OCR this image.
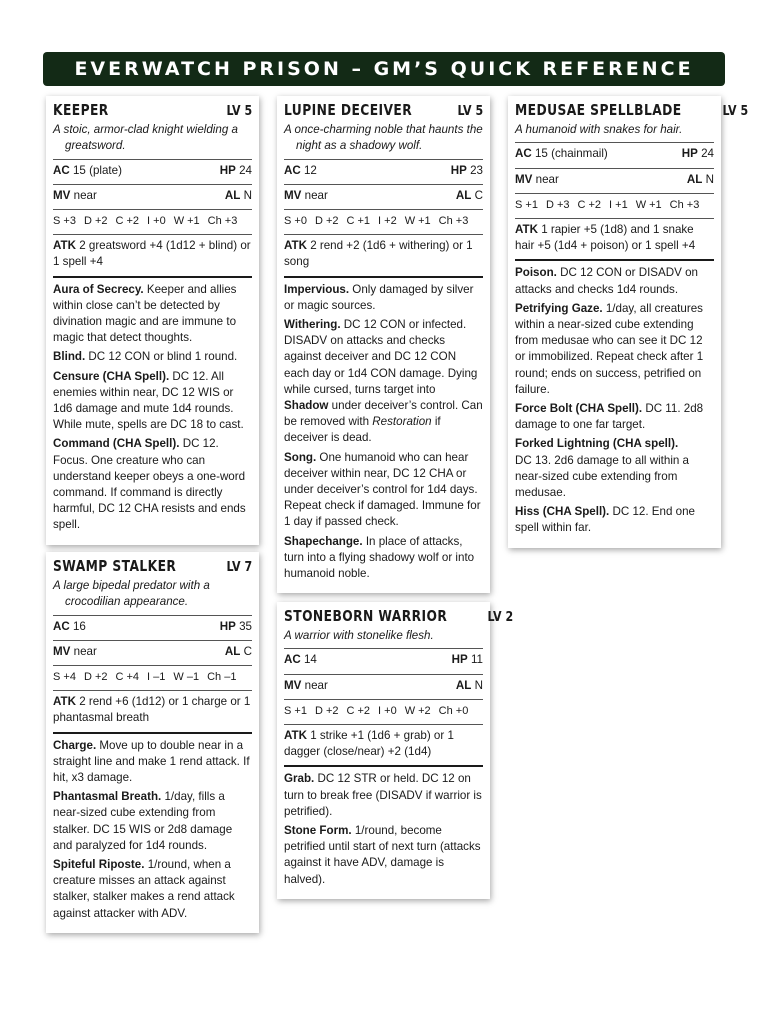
EVERWATCH PRISON – GM’S QUICK REFERENCE
KEEPER	LV 5
A stoic, armor-clad knight wielding a greatsword.
AC 15 (plate)	HP 24
MV near	AL N
S +3 D +2 C +2 I +0 W +1 Ch +3
ATK 2 greatsword +4 (1d12 + blind) or 1 spell +4
Aura of Secrecy. Keeper and allies within close can’t be detected by divination magic and are immune to magic that detect thoughts.
Blind. DC 12 CON or blind 1 round.
Censure (CHA Spell). DC 12. All enemies within near, DC 12 WIS or 1d6 damage and mute 1d4 rounds. While mute, spells are DC 18 to cast.
Command (CHA Spell). DC 12. Focus. One creature who can understand keeper obeys a one-word command. If command is directly harmful, DC 12 CHA resists and ends spell.
SWAMP STALKER	LV 7
A large bipedal predator with a crocodilian appearance.
AC 16	HP 35
MV near	AL C
S +4 D +2 C +4 I –1 W –1 Ch –1
ATK 2 rend +6 (1d12) or 1 charge or 1 phantasmal breath
Charge. Move up to double near in a straight line and make 1 rend attack. If hit, x3 damage.
Phantasmal Breath. 1/day, fills a near-sized cube extending from stalker. DC 15 WIS or 2d8 damage and paralyzed for 1d4 rounds.
Spiteful Riposte. 1/round, when a creature misses an attack against stalker, stalker makes a rend attack against attacker with ADV.
LUPINE DECEIVER	LV 5
A once-charming noble that haunts the night as a shadowy wolf.
AC 12	HP 23
MV near	AL C
S +0 D +2 C +1 I +2 W +1 Ch +3
ATK 2 rend +2 (1d6 + withering) or 1 song
Impervious. Only damaged by silver or magic sources.
Withering. DC 12 CON or infected. DISADV on attacks and checks against deceiver and DC 12 CON each day or 1d4 CON damage. Dying while cursed, turns target into Shadow under deceiver’s control. Can be removed with Restoration if deceiver is dead.
Song. One humanoid who can hear deceiver within near, DC 12 CHA or under deceiver’s control for 1d4 days. Repeat check if damaged. Immune for 1 day if passed check.
Shapechange. In place of attacks, turn into a flying shadowy wolf or into humanoid noble.
STONEBORN WARRIOR	LV 2
A warrior with stonelike flesh.
AC 14	HP 11
MV near	AL N
S +1 D +2 C +2 I +0 W +2 Ch +0
ATK 1 strike +1 (1d6 + grab) or 1 dagger (close/near) +2 (1d4)
Grab. DC 12 STR or held. DC 12 on turn to break free (DISADV if warrior is petrified).
Stone Form. 1/round, become petrified until start of next turn (attacks against it have ADV, damage is halved).
MEDUSAE SPELLBLADE	LV 5
A humanoid with snakes for hair.
AC 15 (chainmail)	HP 24
MV near	AL N
S +1 D +3 C +2 I +1 W +1 Ch +3
ATK 1 rapier +5 (1d8) and 1 snake hair +5 (1d4 + poison) or 1 spell +4
Poison. DC 12 CON or DISADV on attacks and checks 1d4 rounds.
Petrifying Gaze. 1/day, all creatures within a near-sized cube extending from medusae who can see it DC 12 or immobilized. Repeat check after 1 round; ends on success, petrified on failure.
Force Bolt (CHA Spell). DC 11. 2d8 damage to one far target.
Forked Lightning (CHA spell).
DC 13. 2d6 damage to all within a near-sized cube extending from medusae.
Hiss (CHA Spell). DC 12. End one spell within far.
